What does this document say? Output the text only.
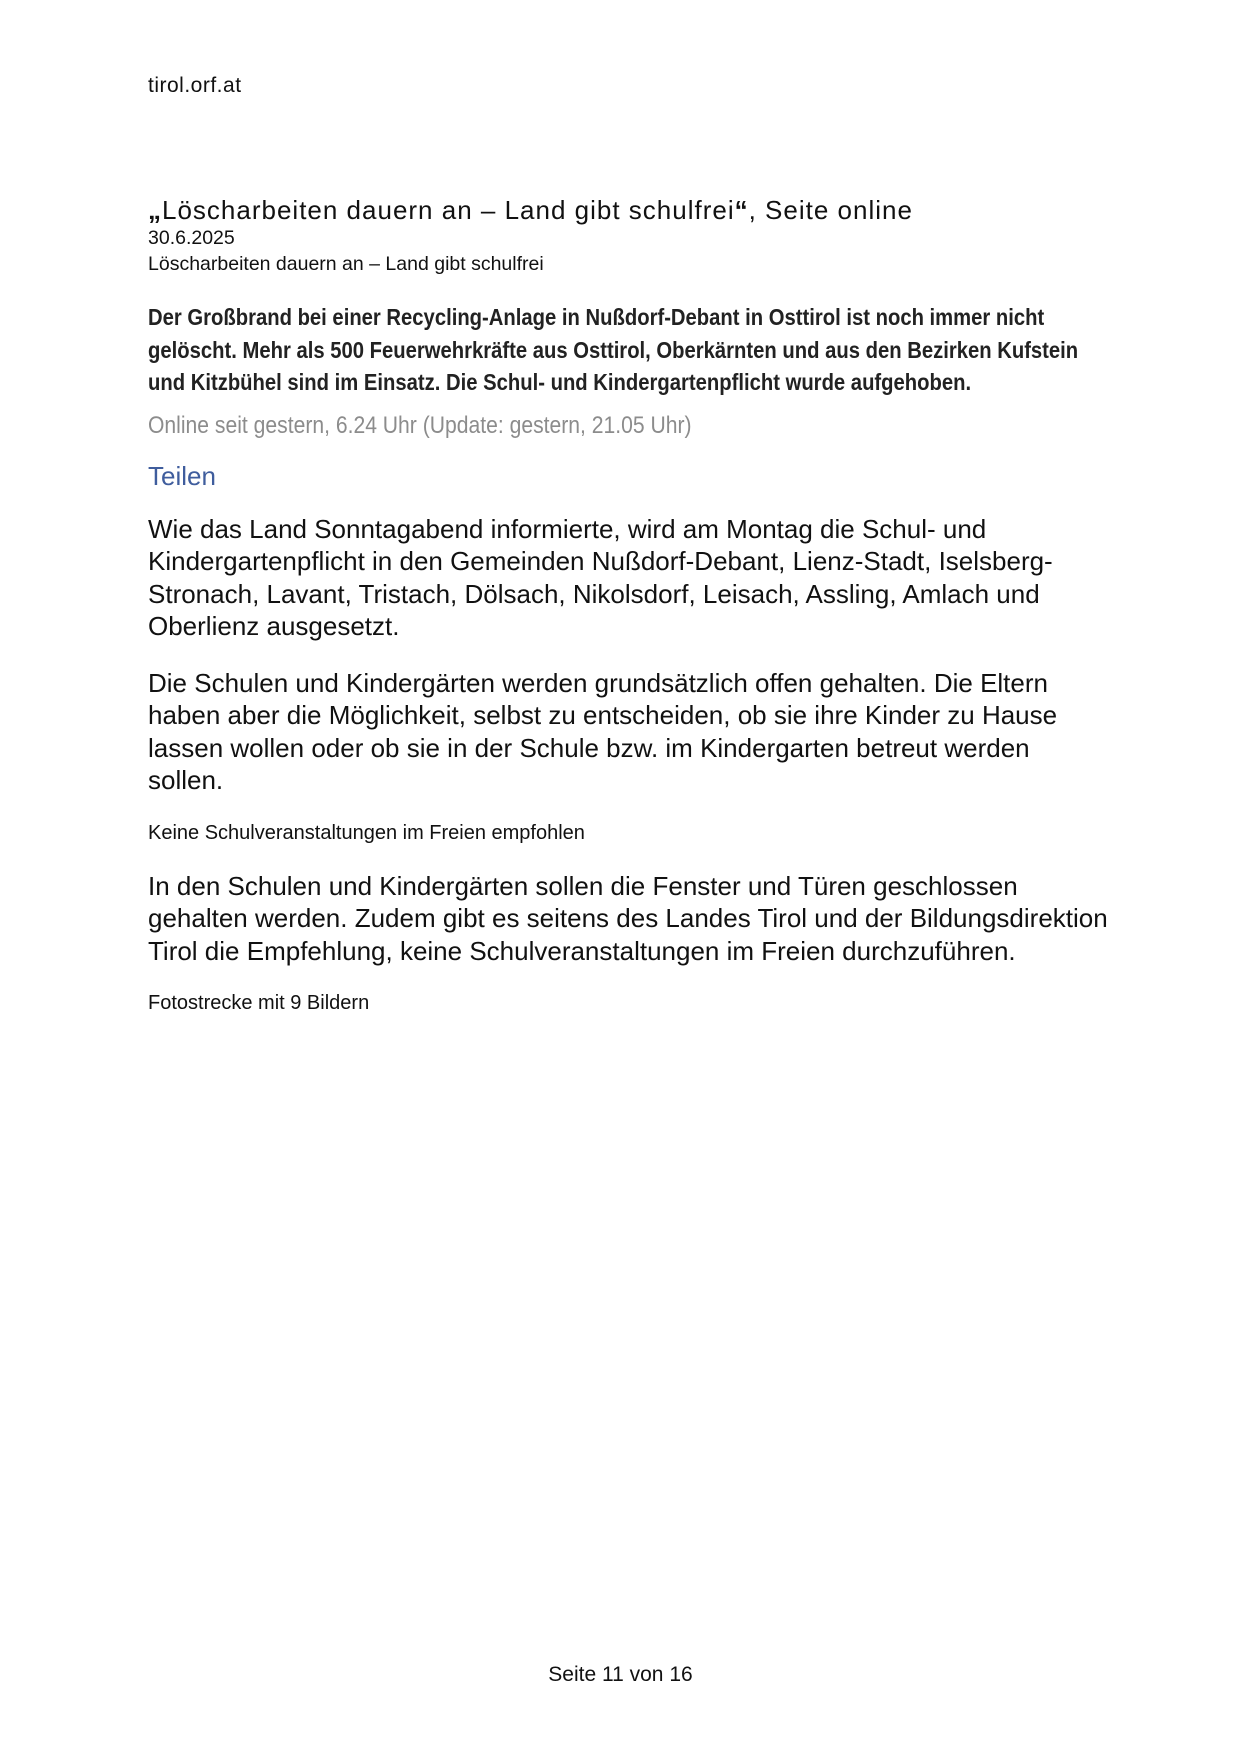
tirol.orf.at

„Löscharbeiten dauern an – Land gibt schulfrei“, Seite online

30.6.2025

Löscharbeiten dauern an – Land gibt schulfrei

Der Großbrand bei einer Recycling-Anlage in Nußdorf-Debant in Osttirol ist noch immer nicht gelöscht. Mehr als 500 Feuerwehrkräfte aus Osttirol, Oberkärnten und aus den Bezirken Kufstein und Kitzbühel sind im Einsatz. Die Schul- und Kindergartenpflicht wurde aufgehoben.

Online seit gestern, 6.24 Uhr (Update: gestern, 21.05 Uhr)

Teilen

Wie das Land Sonntagabend informierte, wird am Montag die Schul- und Kindergartenpflicht in den Gemeinden Nußdorf-Debant, Lienz-Stadt, Iselsberg-Stronach, Lavant, Tristach, Dölsach, Nikolsdorf, Leisach, Assling, Amlach und Oberlienz ausgesetzt.

Die Schulen und Kindergärten werden grundsätzlich offen gehalten. Die Eltern haben aber die Möglichkeit, selbst zu entscheiden, ob sie ihre Kinder zu Hause lassen wollen oder ob sie in der Schule bzw. im Kindergarten betreut werden sollen.

Keine Schulveranstaltungen im Freien empfohlen

In den Schulen und Kindergärten sollen die Fenster und Türen geschlossen gehalten werden. Zudem gibt es seitens des Landes Tirol und der Bildungsdirektion Tirol die Empfehlung, keine Schulveranstaltungen im Freien durchzuführen.

Fotostrecke mit 9 Bildern

Seite 11 von 16
